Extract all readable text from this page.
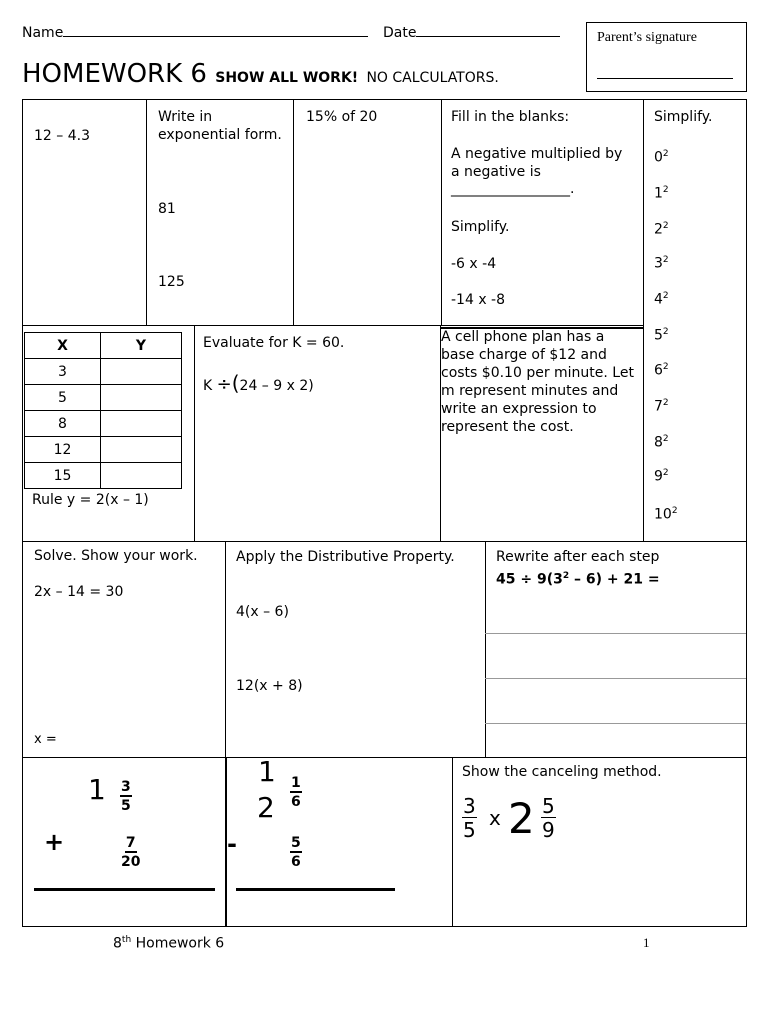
Name	Date
HOMEWORK 6 SHOW ALL WORK! NO CALCULATORS.
Parent’s signature
12 – 4.3
Write in exponential form.
81
125
15% of 20	Fill in the blanks:
A negative multiplied by a negative is
_________________.
Simplify.
-6 x -4
-14 x -8
Simplify.
$0^2$
$1^2$
$2^2$
$3^2$
$4^2$
$5^2$
$6^2$
$7^2$
$8^2$
$9^2$
$10^2$
X	Y
3	
5	
8	
12	
15	
Rule y = 2(x – 1)
Evaluate for K = 60.
K ÷(24 – 9 x 2)
A cell phone plan has a base charge of $12 and costs $0.10 per minute. Let m represent minutes and write an expression to represent the cost.
Solve. Show your work.
2x – 14 = 30
x =
Apply the Distributive Property.
4(x – 6)
12(x + 8)
Rewrite after each step
$45 \div 9(3^2 - 6) + 21$ =
$1 \frac{3}{5}$
+	$\frac{7}{20}$
1
$2 \frac{1}{6}$
-	$\frac{5}{6}$
Show the canceling method.
$\frac{3}{5}$ x $2 \frac{5}{9}$
8th Homework 6	1
